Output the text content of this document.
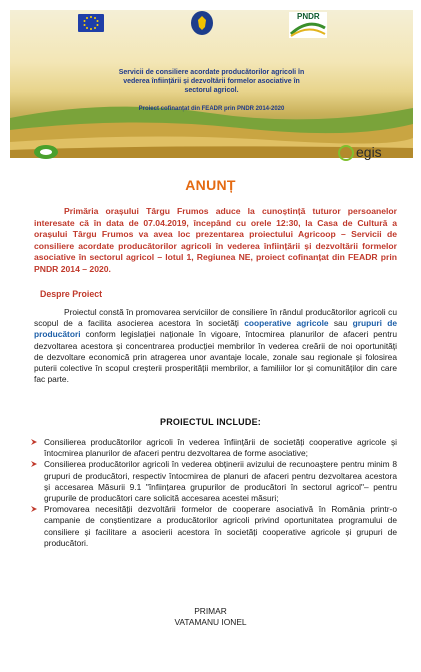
Servicii de consiliere acordate producătorilor agricoli în
vederea înființării și dezvoltării formelor asociative în
sectorul agricol.
Proiect cofinanțat din FEADR prin PNDR 2014-2020
PNDR
egis
ANUNȚ
Primăria orașului Târgu Frumos aduce la cunoștință tuturor persoanelor interesate că în data de 07.04.2019, începând cu orele 12:30, la Casa de Cultură a orașului Târgu Frumos va avea loc prezentarea proiectului Agricoop – Servicii de consiliere acordate producătorilor agricoli în vederea înființării și dezvoltării formelor asociative în sectorul agricol – lotul 1, Regiunea NE, proiect cofinanțat din FEADR prin PNDR 2014 – 2020.
Despre Proiect
Proiectul constă în promovarea serviciilor de consiliere în rândul producătorilor agricoli cu scopul de a facilita asocierea acestora în societăți cooperative agricole sau grupuri de producători conform legislației naționale în vigoare, întocmirea planurilor de afaceri pentru dezvoltarea acestora și concentrarea producției membrilor în vederea creării de noi oportunități de dezvoltare economică prin atragerea unor avantaje locale, zonale sau regionale și folosirea puterii colective în scopul creșterii prosperității membrilor, a familiilor lor și comunităților din care fac parte.
PROIECTUL INCLUDE:
Consilierea producătorilor agricoli în vederea înființării de societăți cooperative agricole și întocmirea planurilor de afaceri pentru dezvoltarea de forme asociative;
Consilierea producătorilor agricoli în vederea obținerii avizului de recunoaștere pentru minim 8 grupuri de producători, respectiv întocmirea de planuri de afaceri pentru dezvoltarea acestora și accesarea Măsurii 9.1 "înființarea grupurilor de producători în sectorul agricol"– pentru grupurile de producători care solicită accesarea acestei măsuri;
Promovarea necesității dezvoltării formelor de cooperare asociativă în România printr-o campanie de conștientizare a producătorilor agricoli privind oportunitatea programului de consiliere și facilitare a asocierii acestora în societăți cooperative agricole și grupuri de producători.
PRIMAR
VATAMANU IONEL
